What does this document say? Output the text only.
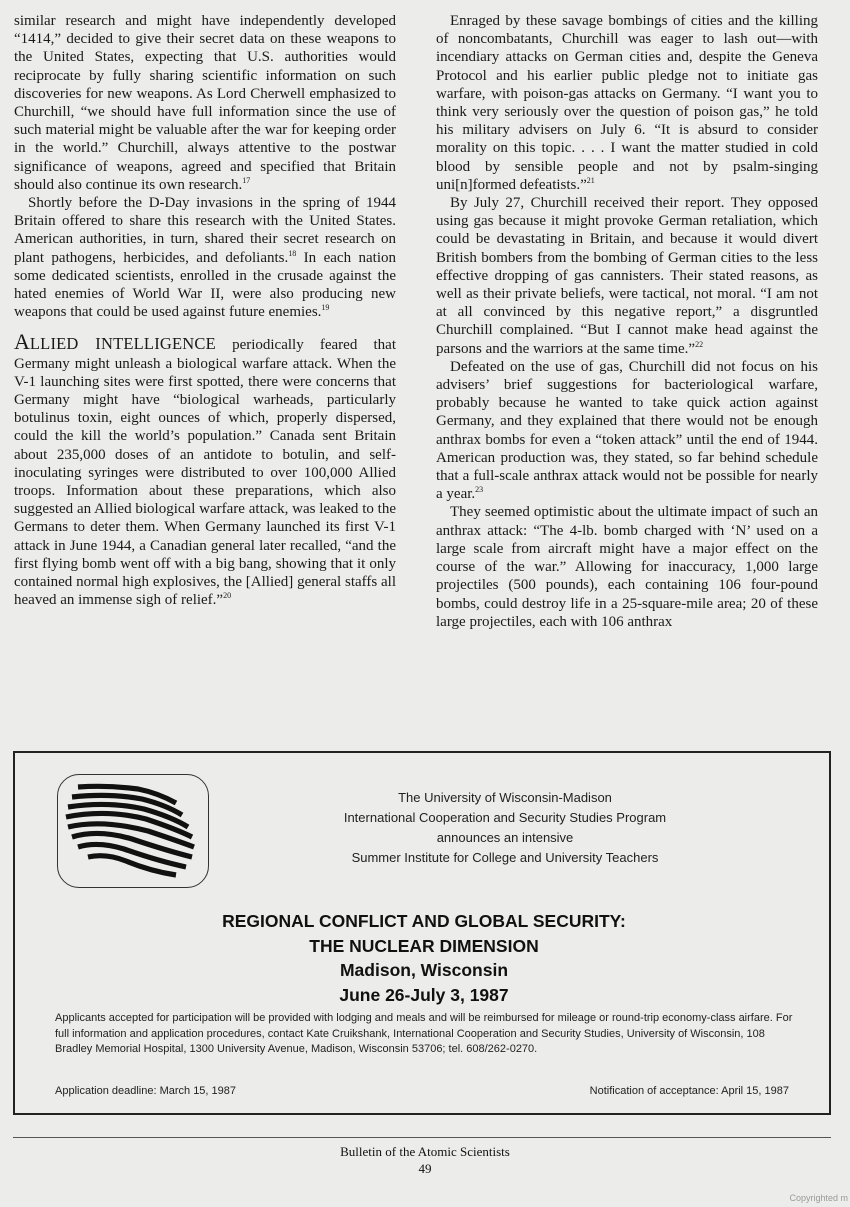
similar research and might have independently developed “1414,” decided to give their secret data on these weapons to the United States, expecting that U.S. authorities would reciprocate by fully sharing scientific information on such discoveries for new weapons. As Lord Cherwell emphasized to Churchill, “we should have full information since the use of such material might be valuable after the war for keeping order in the world.” Churchill, always attentive to the postwar significance of weapons, agreed and specified that Britain should also continue its own research.$^{17}$

Shortly before the D-Day invasions in the spring of 1944 Britain offered to share this research with the United States. American authorities, in turn, shared their secret research on plant pathogens, herbicides, and defoliants.$^{18}$ In each nation some dedicated scientists, enrolled in the crusade against the hated enemies of World War II, were also producing new weapons that could be used against future enemies.$^{19}$

ALLIED INTELLIGENCE periodically feared that Germany might unleash a biological warfare attack. When the V-1 launching sites were first spotted, there were concerns that Germany might have “biological warheads, particularly botulinus toxin, eight ounces of which, properly dispersed, could the kill the world’s population.” Canada sent Britain about 235,000 doses of an antidote to botulin, and self-inoculating syringes were distributed to over 100,000 Allied troops. Information about these preparations, which also suggested an Allied biological warfare attack, was leaked to the Germans to deter them. When Germany launched its first V-1 attack in June 1944, a Canadian general later recalled, “and the first flying bomb went off with a big bang, showing that it only contained normal high explosives, the [Allied] general staffs all heaved an immense sigh of relief.”$^{20}$

Enraged by these savage bombings of cities and the killing of noncombatants, Churchill was eager to lash out—with incendiary attacks on German cities and, despite the Geneva Protocol and his earlier public pledge not to initiate gas warfare, with poison-gas attacks on Germany. “I want you to think very seriously over the question of poison gas,” he told his military advisers on July 6. “It is absurd to consider morality on this topic. . . . I want the matter studied in cold blood by sensible people and not by psalm-singing uni[n]formed defeatists.”$^{21}$

By July 27, Churchill received their report. They opposed using gas because it might provoke German retaliation, which could be devastating in Britain, and because it would divert British bombers from the bombing of German cities to the less effective dropping of gas cannisters. Their stated reasons, as well as their private beliefs, were tactical, not moral. “I am not at all convinced by this negative report,” a disgruntled Churchill complained. “But I cannot make head against the parsons and the warriors at the same time.”$^{22}$

Defeated on the use of gas, Churchill did not focus on his advisers’ brief suggestions for bacteriological warfare, probably because he wanted to take quick action against Germany, and they explained that there would not be enough anthrax bombs for even a “token attack” until the end of 1944. American production was, they stated, so far behind schedule that a full-scale anthrax attack would not be possible for nearly a year.$^{23}$

They seemed optimistic about the ultimate impact of such an anthrax attack: “The 4-lb. bomb charged with ‘N’ used on a large scale from aircraft might have a major effect on the course of the war.” Allowing for inaccuracy, 1,000 large projectiles (500 pounds), each containing 106 four-pound bombs, could destroy life in a 25-square-mile area; 20 of these large projectiles, each with 106 anthrax

The University of Wisconsin-Madison
International Cooperation and Security Studies Program
announces an intensive
Summer Institute for College and University Teachers
REGIONAL CONFLICT AND GLOBAL SECURITY:
THE NUCLEAR DIMENSION
Madison, Wisconsin
June 26-July 3, 1987
Applicants accepted for participation will be provided with lodging and meals and will be reimbursed for mileage or round-trip economy-class airfare. For full information and application procedures, contact Kate Cruikshank, International Cooperation and Security Studies, University of Wisconsin, 108 Bradley Memorial Hospital, 1300 University Avenue, Madison, Wisconsin 53706; tel. 608/262-0270.
Application deadline: March 15, 1987	Notification of acceptance: April 15, 1987
Bulletin of the Atomic Scientists
49
Copyrighted m
